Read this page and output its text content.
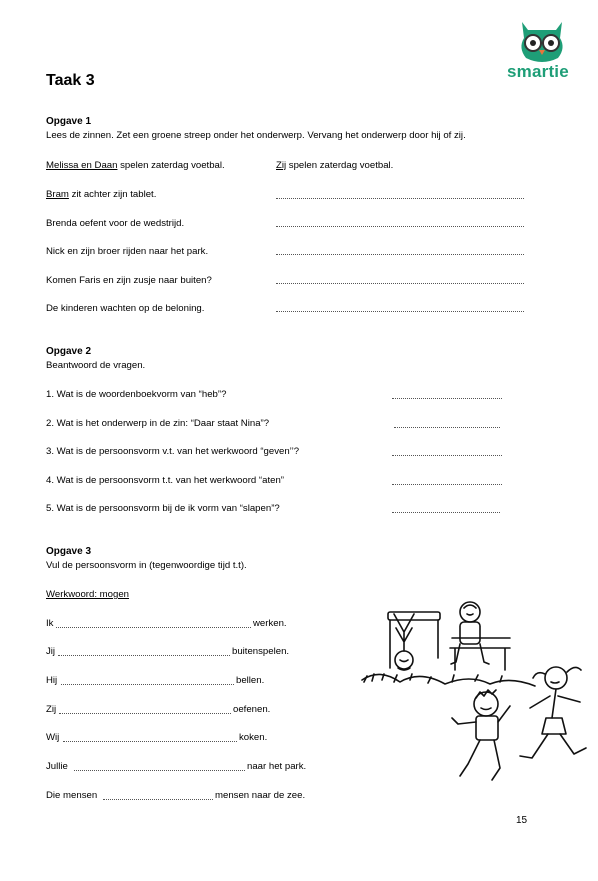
smartie
Taak 3
Opgave 1
Lees de zinnen. Zet een groene streep onder het onderwerp. Vervang het onderwerp door hij of zij.
Melissa en Daan spelen zaterdag voetbal.	Zij spelen zaterdag voetbal.
Bram zit achter zijn tablet.
Brenda oefent voor de wedstrijd.
Nick en zijn broer rijden naar het park.
Komen Faris en zijn zusje naar buiten?
De kinderen wachten op de beloning.
Opgave 2
Beantwoord de vragen.
1. Wat is de woordenboekvorm van “heb”?
2. Wat is het onderwerp in de zin: “Daar staat Nina”?
3. Wat is de persoonsvorm v.t. van het werkwoord “geven’’?
4. Wat is de persoonsvorm t.t. van het werkwoord “aten”
5. Wat is de persoonsvorm bij de ik vorm van “slapen”?
Opgave 3
Vul de persoonsvorm in (tegenwoordige tijd t.t).
Werkwoord: mogen
Ik	werken.
Jij	buitenspelen.
Hij	bellen.
Zij	oefenen.
Wij	koken.
Jullie	naar het park.
Die mensen	mensen naar de zee.
15
